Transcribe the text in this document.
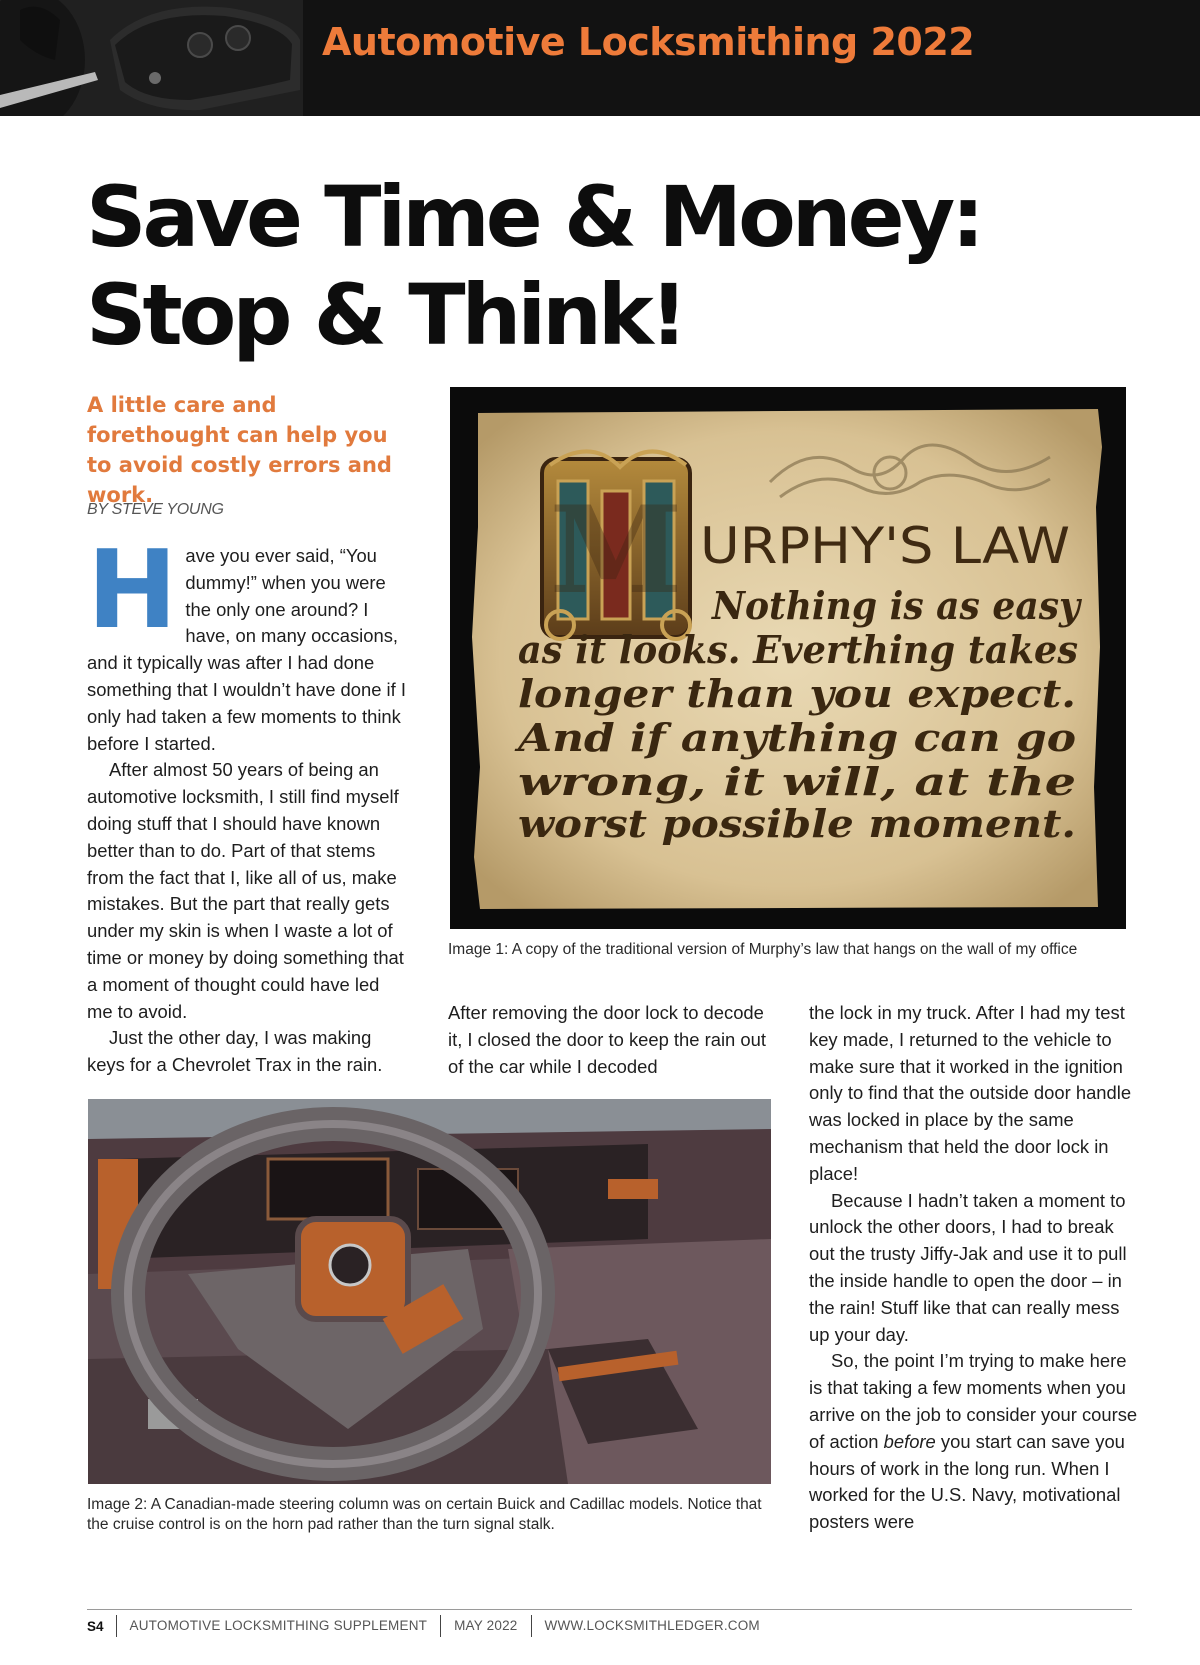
Automotive Locksmithing 2022
Save Time & Money:
Stop & Think!
A little care and forethought can help you to avoid costly errors and work.
BY STEVE YOUNG

Have you ever said, “You dummy!” when you were the only one around? I have, on many occasions, and it typically was after I had done something that I wouldn’t have done if I only had taken a few moments to think before I started.

After almost 50 years of being an automotive locksmith, I still find myself doing stuff that I should have known better than to do. Part of that stems from the fact that I, like all of us, make mistakes. But the part that really gets under my skin is when I waste a lot of time or money by doing something that a moment of thought could have led me to avoid.

Just the other day, I was making keys for a Chevrolet Trax in the rain.

M URPHY'S LAW
Nothing is as easy
as it looks. Everthing takes
longer than you expect.
And if anything can go
wrong, it will, at the
worst possible moment.
Image 1: A copy of the traditional version of Murphy’s law that hangs on the wall of my office

After removing the door lock to decode it, I closed the door to keep the rain out of the car while I decoded

the lock in my truck. After I had my test key made, I returned to the vehicle to make sure that it worked in the ignition only to find that the outside door handle was locked in place by the same mechanism that held the door lock in place!

Because I hadn’t taken a moment to unlock the other doors, I had to break out the trusty Jiffy-Jak and use it to pull the inside handle to open the door – in the rain! Stuff like that can really mess up your day.

So, the point I’m trying to make here is that taking a few moments when you arrive on the job to consider your course of action before you start can save you hours of work in the long run. When I worked for the U.S. Navy, motivational posters were

Image 2: A Canadian-made steering column was on certain Buick and Cadillac models. Notice that the cruise control is on the horn pad rather than the turn signal stalk.
S4	AUTOMOTIVE LOCKSMITHING SUPPLEMENT	MAY 2022	WWW.LOCKSMITHLEDGER.COM
